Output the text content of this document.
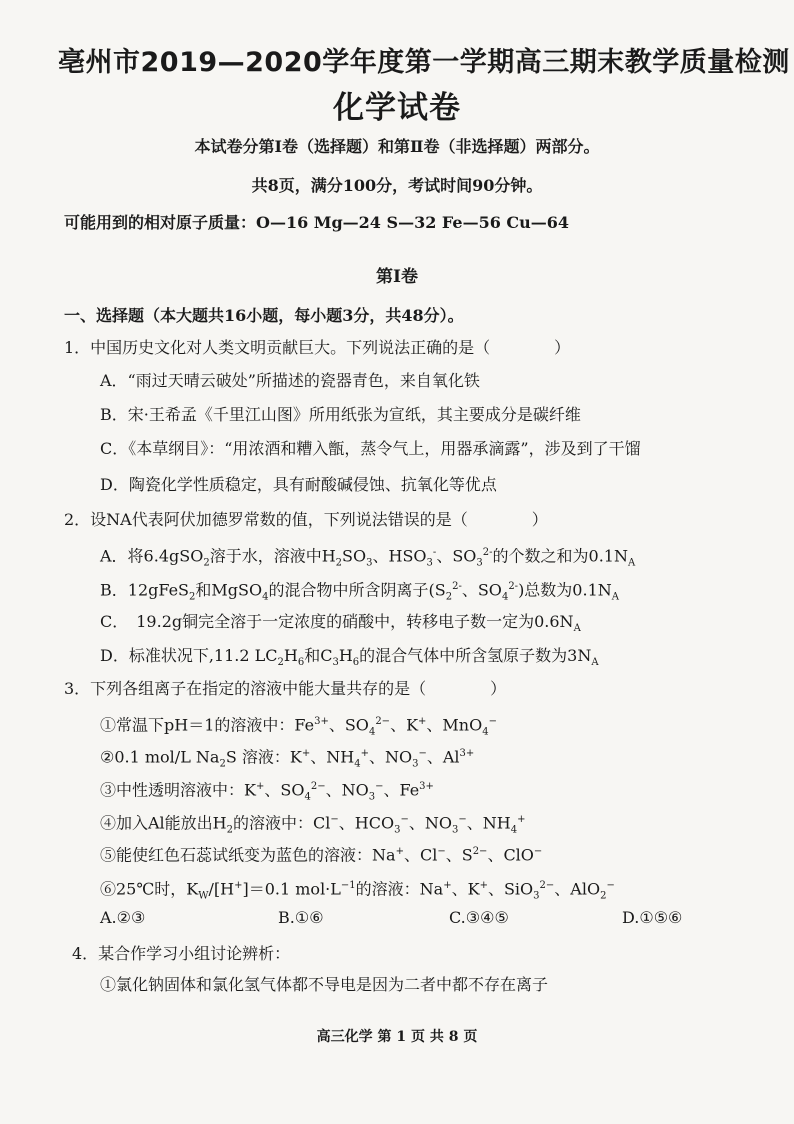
亳州市2019—2020学年度第一学期高三期末教学质量检测
化学试卷
本试卷分第Ⅰ卷（选择题）和第Ⅱ卷（非选择题）两部分。
共8页，满分100分，考试时间90分钟。
可能用到的相对原子质量：O—16 Mg—24 S—32 Fe—56 Cu—64
第Ⅰ卷
一、选择题（本大题共16小题，每小题3分，共48分）。
1．中国历史文化对人类文明贡献巨大。下列说法正确的是（　　　　）
A．“雨过天晴云破处”所描述的瓷器青色，来自氧化铁
B．宋·王希孟《千里江山图》所用纸张为宣纸，其主要成分是碳纤维
C．《本草纲目》：“用浓酒和糟入甑，蒸令气上，用器承滴露”，涉及到了干馏
D．陶瓷化学性质稳定，具有耐酸碱侵蚀、抗氧化等优点
2．设NA代表阿伏加德罗常数的值，下列说法错误的是（　　　　）
A．将6.4gSO$_2$溶于水，溶液中$H_2SO_3$、$HSO_3^-$、$SO_3^{2-}$的个数之和为$0.1N_A$
B．12gFeS$_2$和MgSO$_4$的混合物中所含阴离子($S_2^{2-}$、$SO_4^{2-}$)总数为$0.1N_A$
C．　19.2g铜完全溶于一定浓度的硝酸中，转移电子数一定为$0.6N_A$
D．标准状况下,11.2 $LC_2H_6$和$C_3H_6$的混合气体中所含氢原子数为$3N_A$
3．下列各组离子在指定的溶液中能大量共存的是（　　　　）
①常温下pH＝1的溶液中：$Fe^{3+}$、$SO_4^{2-}$、K+、MnO$_4$−
②0.1 mol/L $Na_2S$ 溶液：K+、$NH_4^+$、$NO_3^-$、$Al^{3+}$
③中性透明溶液中：K+、$SO_4^{2-}$、$NO_3^-$、$Fe^{3+}$
④加入Al能放出$H_2$的溶液中：Cl−、$HCO_3^-$、$NO_3^-$、$NH_4^+$
⑤能使红色石蕊试纸变为蓝色的溶液：Na+、Cl−、$S^{2-}$、ClO−
⑥25℃时，$K_W/[H^+]=0.1$ $mol\cdot L^{-1}$的溶液：Na+、K+、SiO$_3^{2-}$、AlO$_2$−
A.②③	B.①⑥	C.③④⑤	D.①⑤⑥
4．某合作学习小组讨论辨析：
①氯化钠固体和氯化氢气体都不导电是因为二者中都不存在离子
高三化学 第 1 页 共 8 页
